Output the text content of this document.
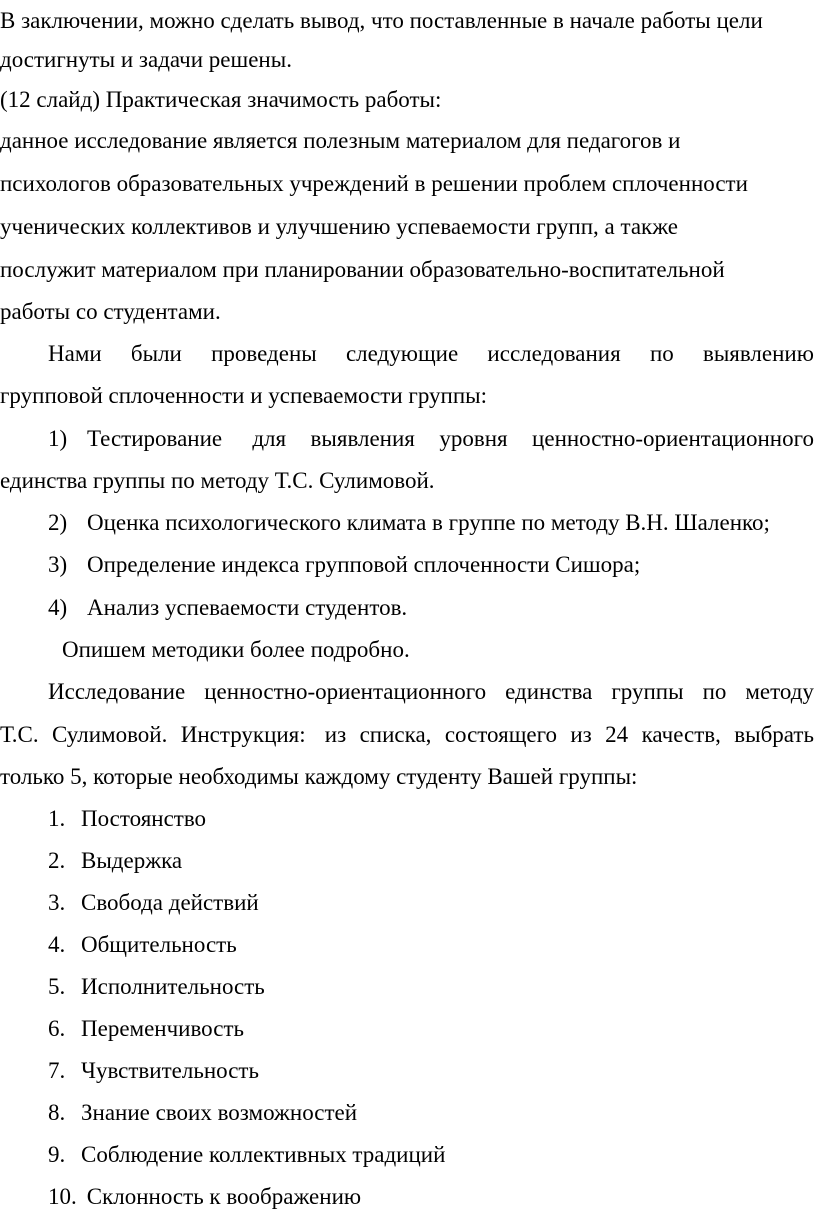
В заключении, можно сделать вывод, что поставленные в начале работы цели
достигнуты и задачи решены.
(12 слайд) Практическая значимость работы:
данное исследование является полезным материалом для педагогов и
психологов образовательных учреждений в решении проблем сплоченности
ученических коллективов и улучшению успеваемости групп, а также
послужит материалом при планировании образовательно-воспитательной
работы со студентами.
Нами были проведены следующие исследования по выявлению
групповой сплоченности и успеваемости группы:
1) Тестирование для выявления уровня ценностно-ориентационного
единства группы по методу Т.С. Сулимовой.
2) Оценка психологического климата в группе по методу В.Н. Шаленко;
3) Определение индекса групповой сплоченности Сишора;
4) Анализ успеваемости студентов.
Опишем методики более подробно.
Исследование ценностно-ориентационного единства группы по методу
Т.С. Сулимовой. Инструкция: из списка, состоящего из 24 качеств, выбрать
только 5, которые необходимы каждому студенту Вашей группы:
1. Постоянство
2. Выдержка
3. Свобода действий
4. Общительность
5. Исполнительность
6. Переменчивость
7. Чувствительность
8. Знание своих возможностей
9. Соблюдение коллективных традиций
10. Склонность к воображению
